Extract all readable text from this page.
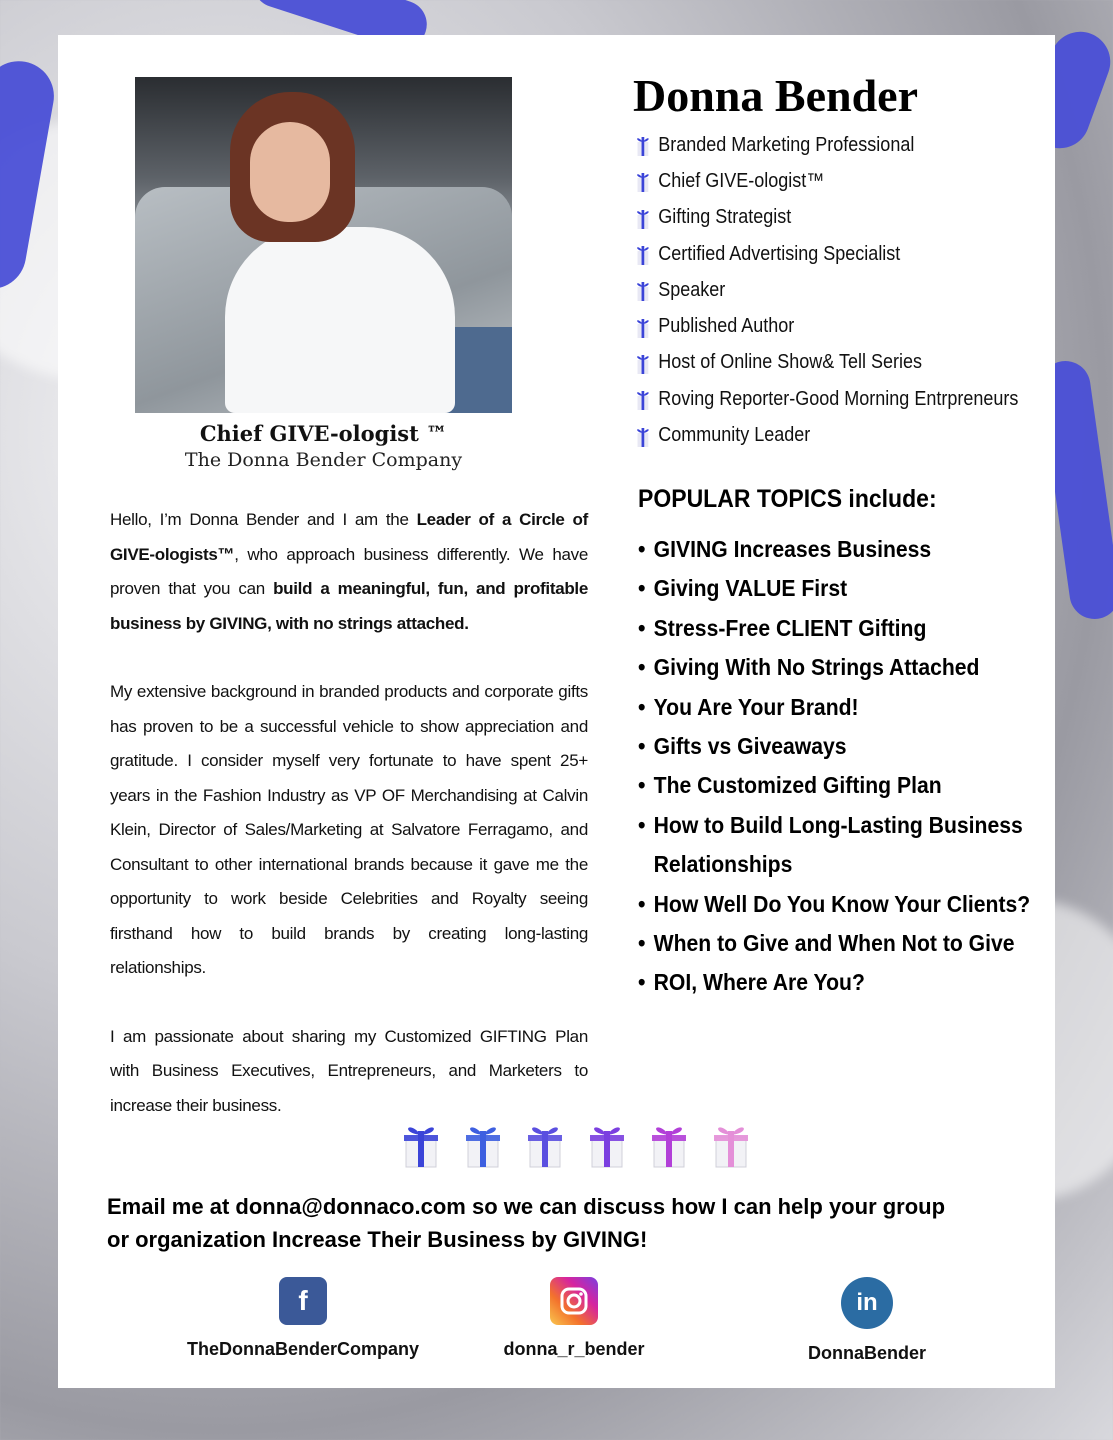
Chief GIVE-ologist ™
The Donna Bender Company
Donna Bender
Branded Marketing Professional
Chief GIVE-ologist™
Gifting Strategist
Certified Advertising Specialist
Speaker
Published Author
Host of Online Show& Tell Series
Roving Reporter-Good Morning Entrpreneurs
Community Leader

Hello, I’m Donna Bender and I am the Leader of a Circle of GIVE-ologists™, who approach business differently. We have proven that you can build a meaningful, fun, and profitable business by GIVING, with no strings attached.

My extensive background in branded products and corporate gifts has proven to be a successful vehicle to show appreciation and gratitude. I consider myself very fortunate to have spent 25+ years in the Fashion Industry as VP OF Merchandising at Calvin Klein, Director of Sales/Marketing at Salvatore Ferragamo, and Consultant to other international brands because it gave me the opportunity to work beside Celebrities and Royalty seeing firsthand how to build brands by creating long-lasting relationships.

I am passionate about sharing my Customized GIFTING Plan with Business Executives, Entrepreneurs, and Marketers to increase their business.

POPULAR TOPICS include:
• GIVING Increases Business
• Giving VALUE First
• Stress-Free CLIENT Gifting
• Giving With No Strings Attached
• You Are Your Brand!
• Gifts vs Giveaways
• The Customized Gifting Plan
• How to Build Long-Lasting Business
Relationships
• How Well Do You Know Your Clients?
• When to Give and When Not to Give
• ROI, Where Are You?

Email me at donna@donnaco.com so we can discuss how I can help your group or organization Increase Their Business by GIVING!

f
TheDonnaBenderCompany	donna_r_bender
in
DonnaBender
